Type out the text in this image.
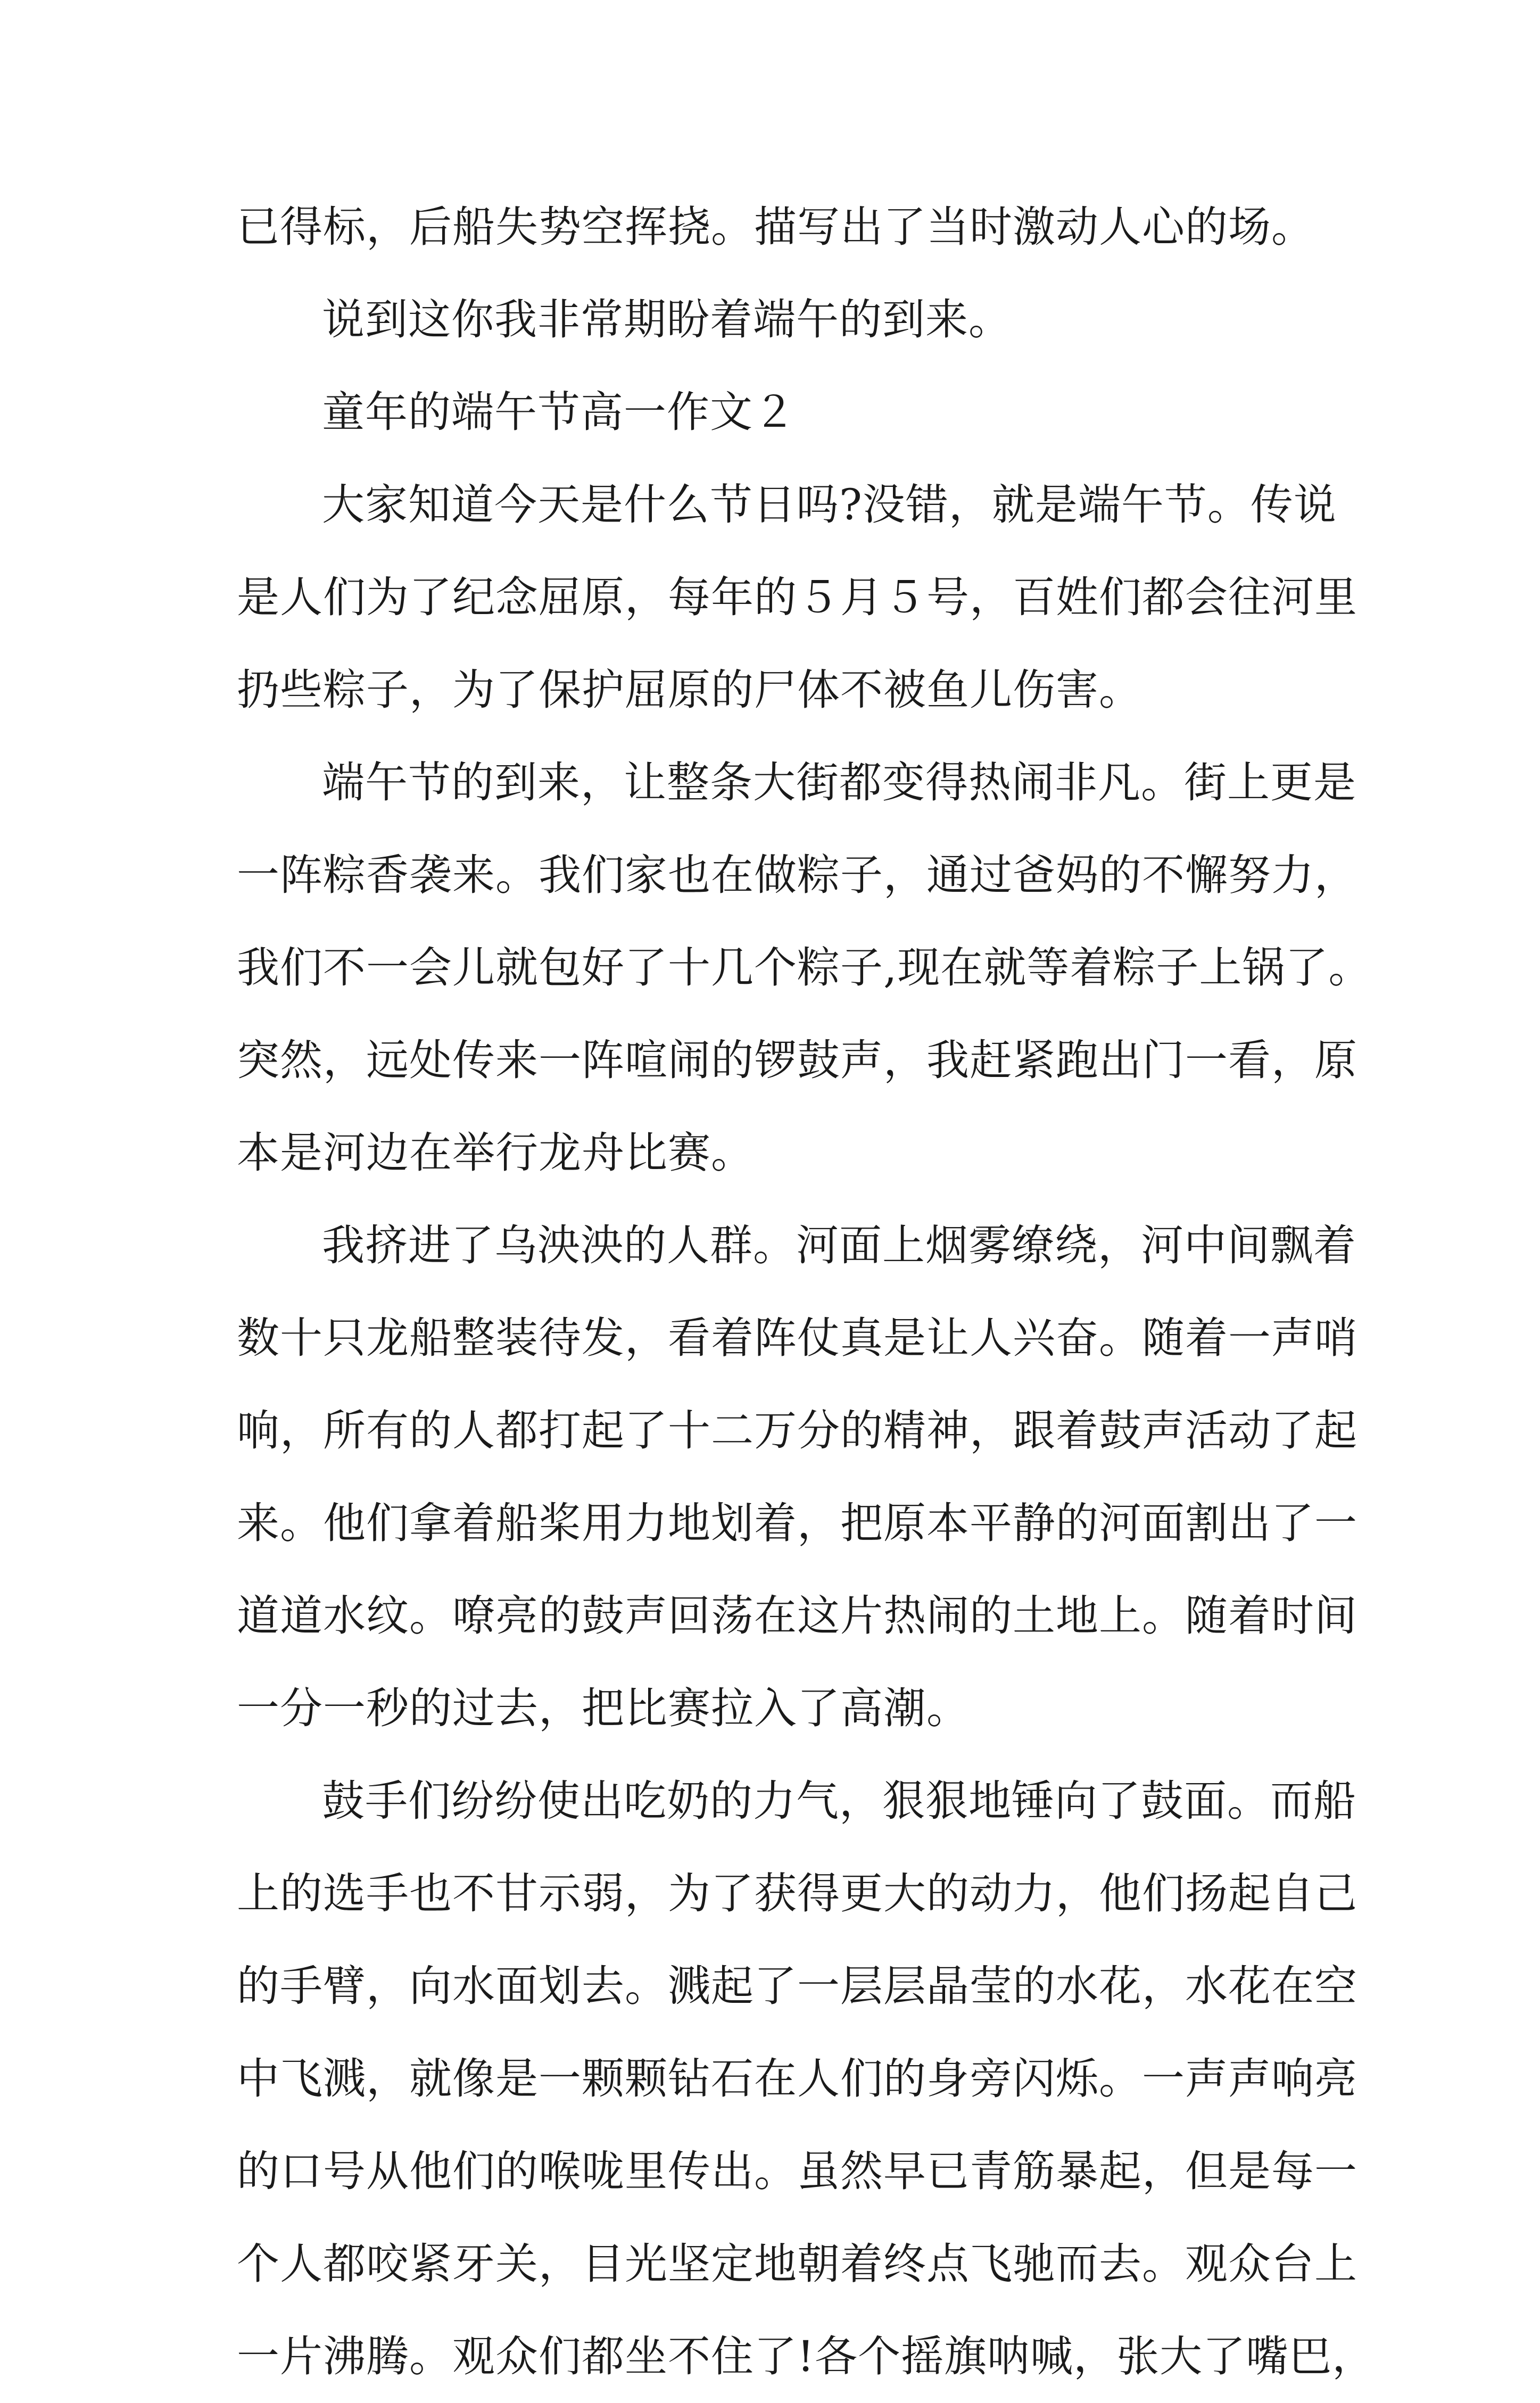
已得标，后船失势空挥挠。描写出了当时激动人心的场。
说到这你我非常期盼着端午的到来。
童年的端午节高一作文２
大家知道今天是什么节日吗?没错，就是端午节。传说
是人们为了纪念屈原，每年的５月５号，百姓们都会往河里
扔些粽子，为了保护屈原的尸体不被鱼儿伤害。
端午节的到来，让整条大街都变得热闹非凡。街上更是
一阵粽香袭来。我们家也在做粽子，通过爸妈的不懈努力，
我们不一会儿就包好了十几个粽子,现在就等着粽子上锅了。
突然，远处传来一阵喧闹的锣鼓声，我赶紧跑出门一看，原
本是河边在举行龙舟比赛。
我挤进了乌泱泱的人群。河面上烟雾缭绕，河中间飘着
数十只龙船整装待发，看着阵仗真是让人兴奋。随着一声哨
响，所有的人都打起了十二万分的精神，跟着鼓声活动了起
来。他们拿着船桨用力地划着，把原本平静的河面割出了一
道道水纹。嘹亮的鼓声回荡在这片热闹的土地上。随着时间
一分一秒的过去，把比赛拉入了高潮。
鼓手们纷纷使出吃奶的力气，狠狠地锤向了鼓面。而船
上的选手也不甘示弱，为了获得更大的动力，他们扬起自己
的手臂，向水面划去。溅起了一层层晶莹的水花，水花在空
中飞溅，就像是一颗颗钻石在人们的身旁闪烁。一声声响亮
的口号从他们的喉咙里传出。虽然早已青筋暴起，但是每一
个人都咬紧牙关，目光坚定地朝着终点飞驰而去。观众台上
一片沸腾。观众们都坐不住了!各个摇旗呐喊，张大了嘴巴，
